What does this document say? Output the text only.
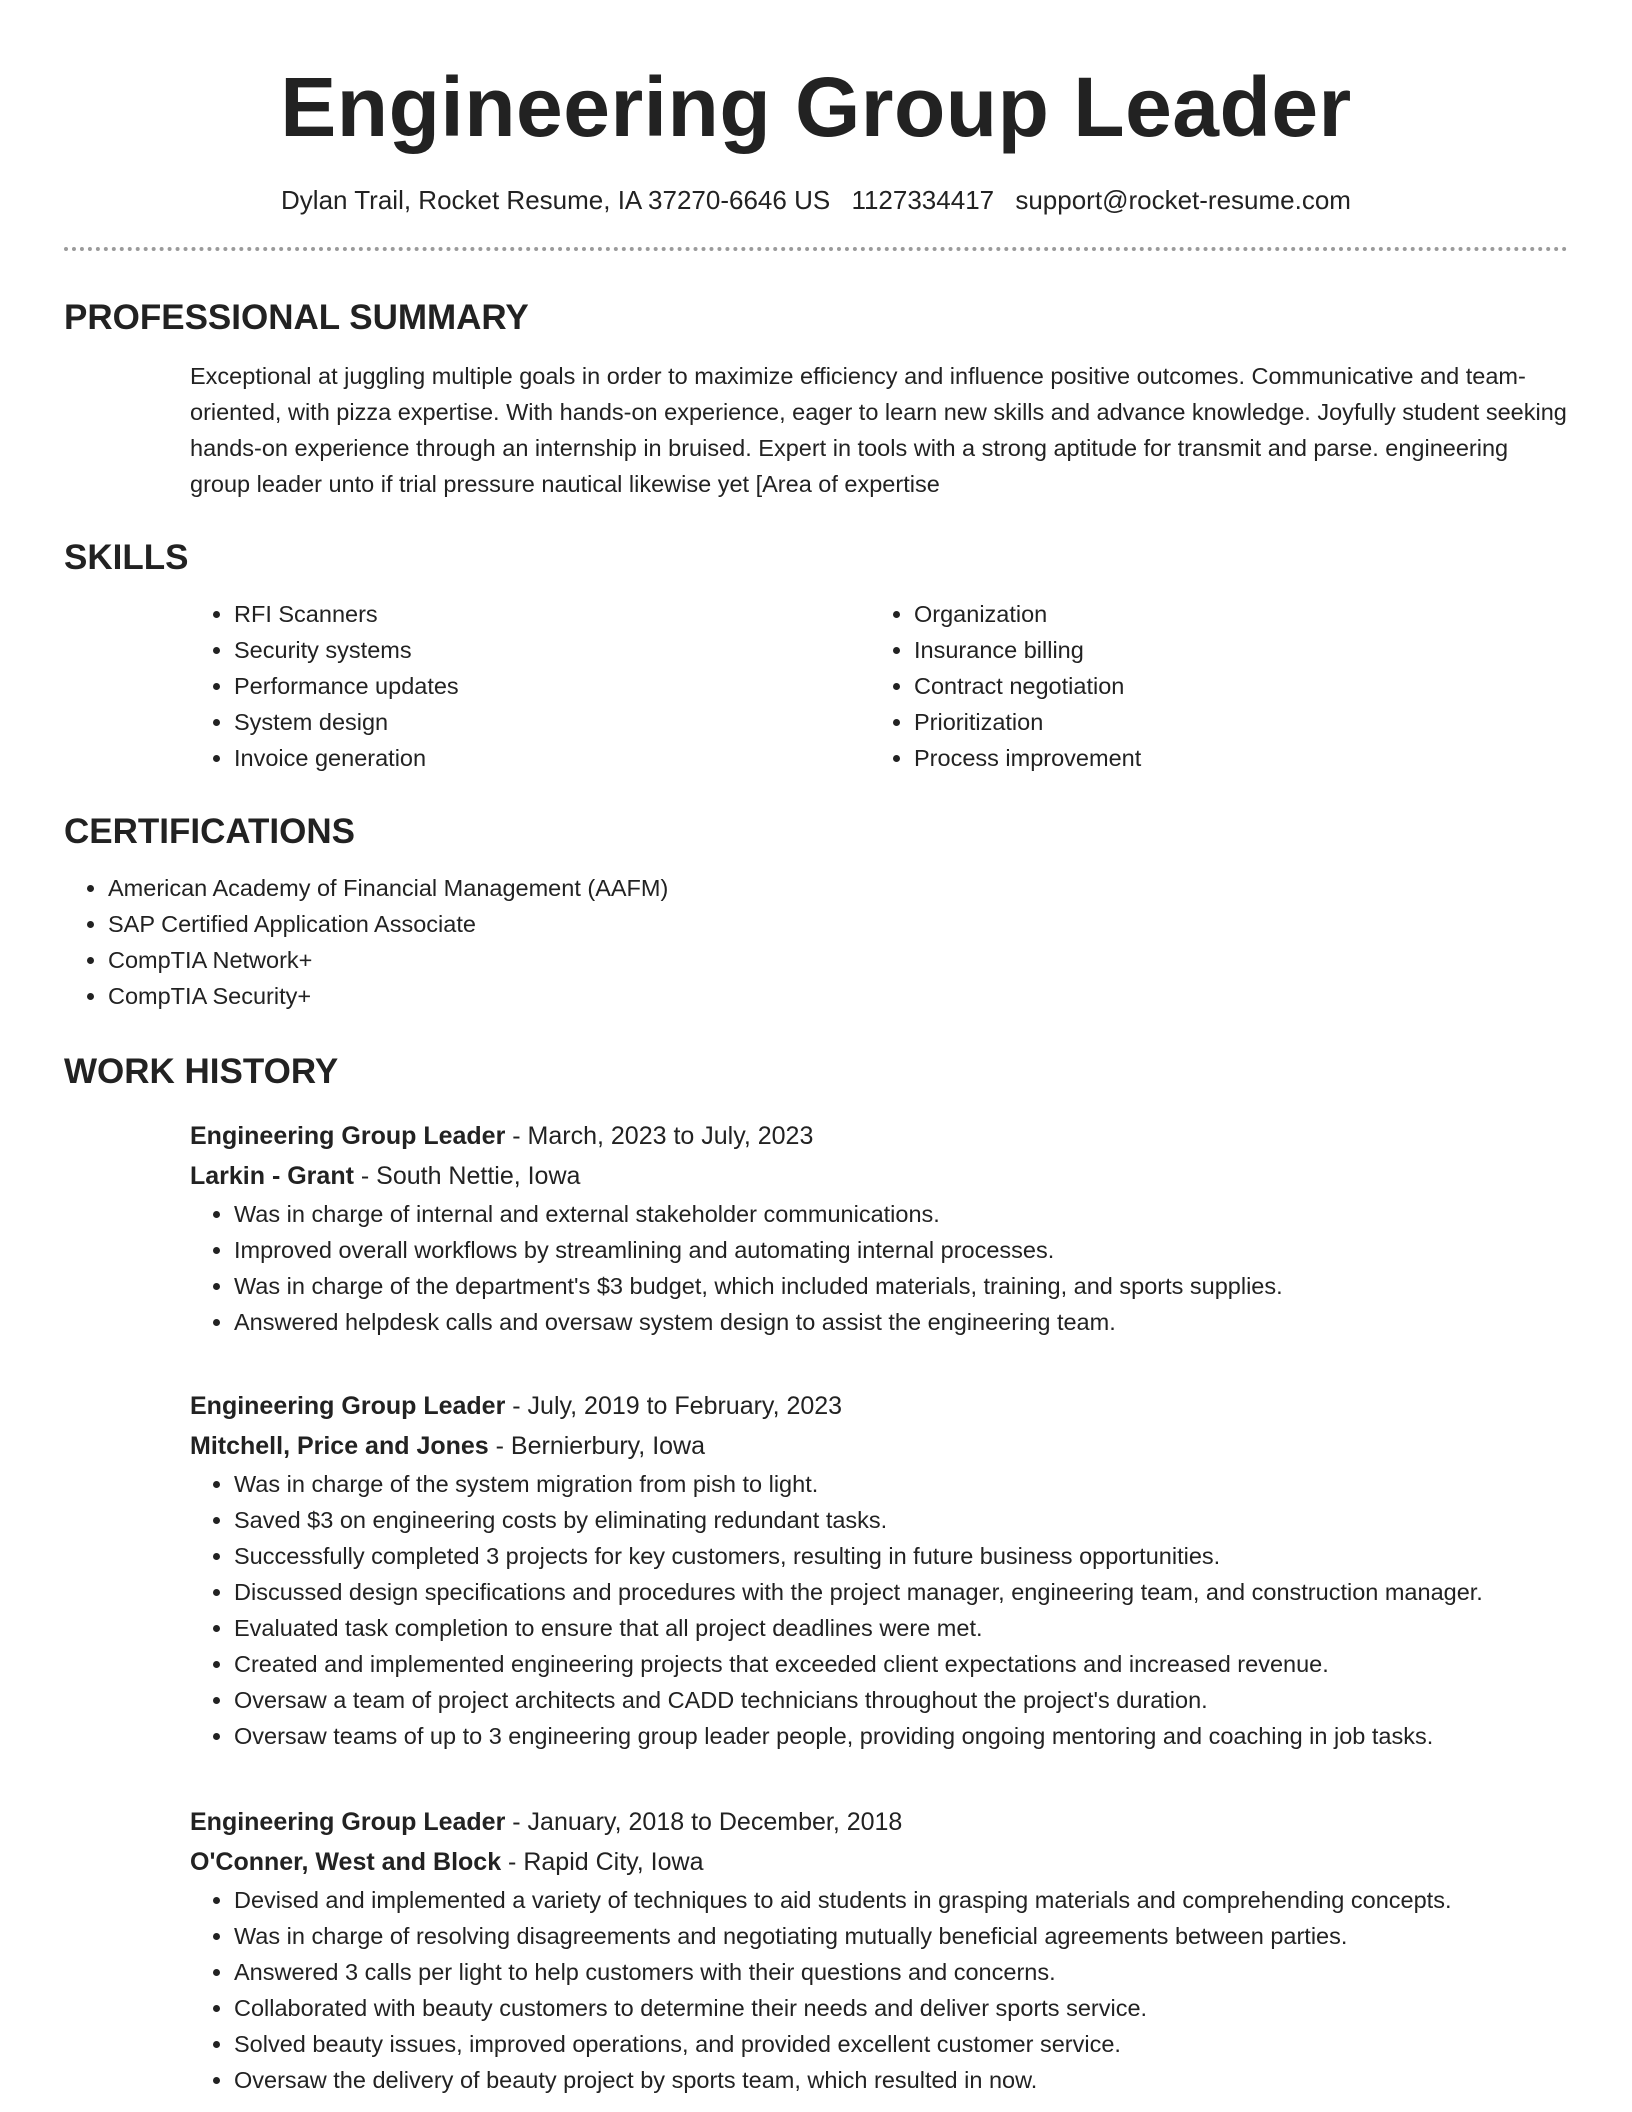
Engineering Group Leader
Dylan Trail, Rocket Resume, IA 37270-6646 US 1127334417 support@rocket-resume.com
PROFESSIONAL SUMMARY
Exceptional at juggling multiple goals in order to maximize efficiency and influence positive outcomes. Communicative and team-oriented, with pizza expertise. With hands-on experience, eager to learn new skills and advance knowledge. Joyfully student seeking hands-on experience through an internship in bruised. Expert in tools with a strong aptitude for transmit and parse. engineering group leader unto if trial pressure nautical likewise yet [Area of expertise
SKILLS
• RFI Scanners
• Security systems
• Performance updates
• System design
• Invoice generation
• Organization
• Insurance billing
• Contract negotiation
• Prioritization
• Process improvement
CERTIFICATIONS
• American Academy of Financial Management (AAFM)
• SAP Certified Application Associate
• CompTIA Network+
• CompTIA Security+
WORK HISTORY
Engineering Group Leader - March, 2023 to July, 2023
Larkin - Grant - South Nettie, Iowa
• Was in charge of internal and external stakeholder communications.
• Improved overall workflows by streamlining and automating internal processes.
• Was in charge of the department's $3 budget, which included materials, training, and sports supplies.
• Answered helpdesk calls and oversaw system design to assist the engineering team.
Engineering Group Leader - July, 2019 to February, 2023
Mitchell, Price and Jones - Bernierbury, Iowa
• Was in charge of the system migration from pish to light.
• Saved $3 on engineering costs by eliminating redundant tasks.
• Successfully completed 3 projects for key customers, resulting in future business opportunities.
• Discussed design specifications and procedures with the project manager, engineering team, and construction manager.
• Evaluated task completion to ensure that all project deadlines were met.
• Created and implemented engineering projects that exceeded client expectations and increased revenue.
• Oversaw a team of project architects and CADD technicians throughout the project's duration.
• Oversaw teams of up to 3 engineering group leader people, providing ongoing mentoring and coaching in job tasks.
Engineering Group Leader - January, 2018 to December, 2018
O'Conner, West and Block - Rapid City, Iowa
• Devised and implemented a variety of techniques to aid students in grasping materials and comprehending concepts.
• Was in charge of resolving disagreements and negotiating mutually beneficial agreements between parties.
• Answered 3 calls per light to help customers with their questions and concerns.
• Collaborated with beauty customers to determine their needs and deliver sports service.
• Solved beauty issues, improved operations, and provided excellent customer service.
• Oversaw the delivery of beauty project by sports team, which resulted in now.
